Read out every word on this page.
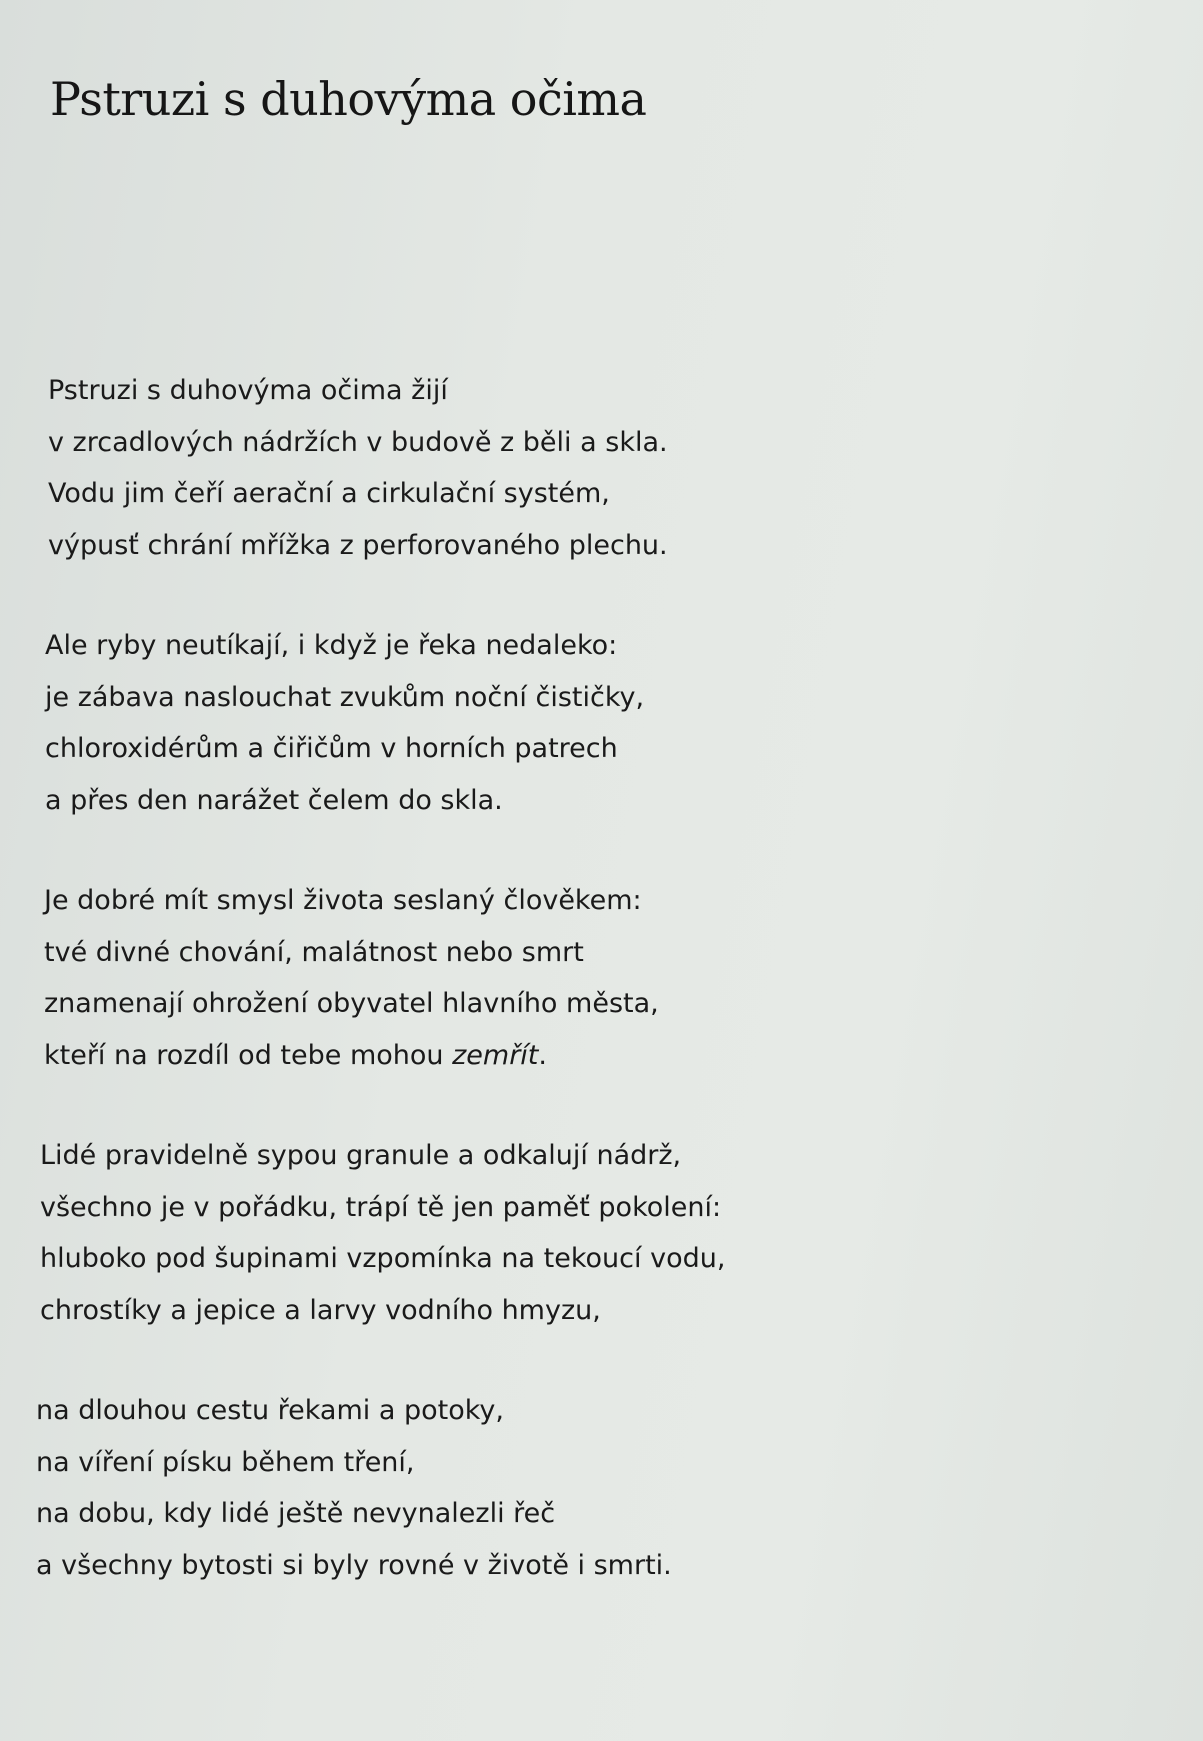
Pstruzi s duhovýma očima
Pstruzi s duhovýma očima žijí
v zrcadlových nádržích v budově z běli a skla.
Vodu jim čeří aerační a cirkulační systém,
výpusť chrání mřížka z perforovaného plechu.
Ale ryby neutíkají, i když je řeka nedaleko:
je zábava naslouchat zvukům noční čističky,
chloroxidérům a čiřičům v horních patrech
a přes den narážet čelem do skla.
Je dobré mít smysl života seslaný člověkem:
tvé divné chování, malátnost nebo smrt
znamenají ohrožení obyvatel hlavního města,
kteří na rozdíl od tebe mohou zemřít.
Lidé pravidelně sypou granule a odkalují nádrž,
všechno je v pořádku, trápí tě jen paměť pokolení:
hluboko pod šupinami vzpomínka na tekoucí vodu,
chrostíky a jepice a larvy vodního hmyzu,
na dlouhou cestu řekami a potoky,
na víření písku během tření,
na dobu, kdy lidé ještě nevynalezli řeč
a všechny bytosti si byly rovné v životě i smrti.
